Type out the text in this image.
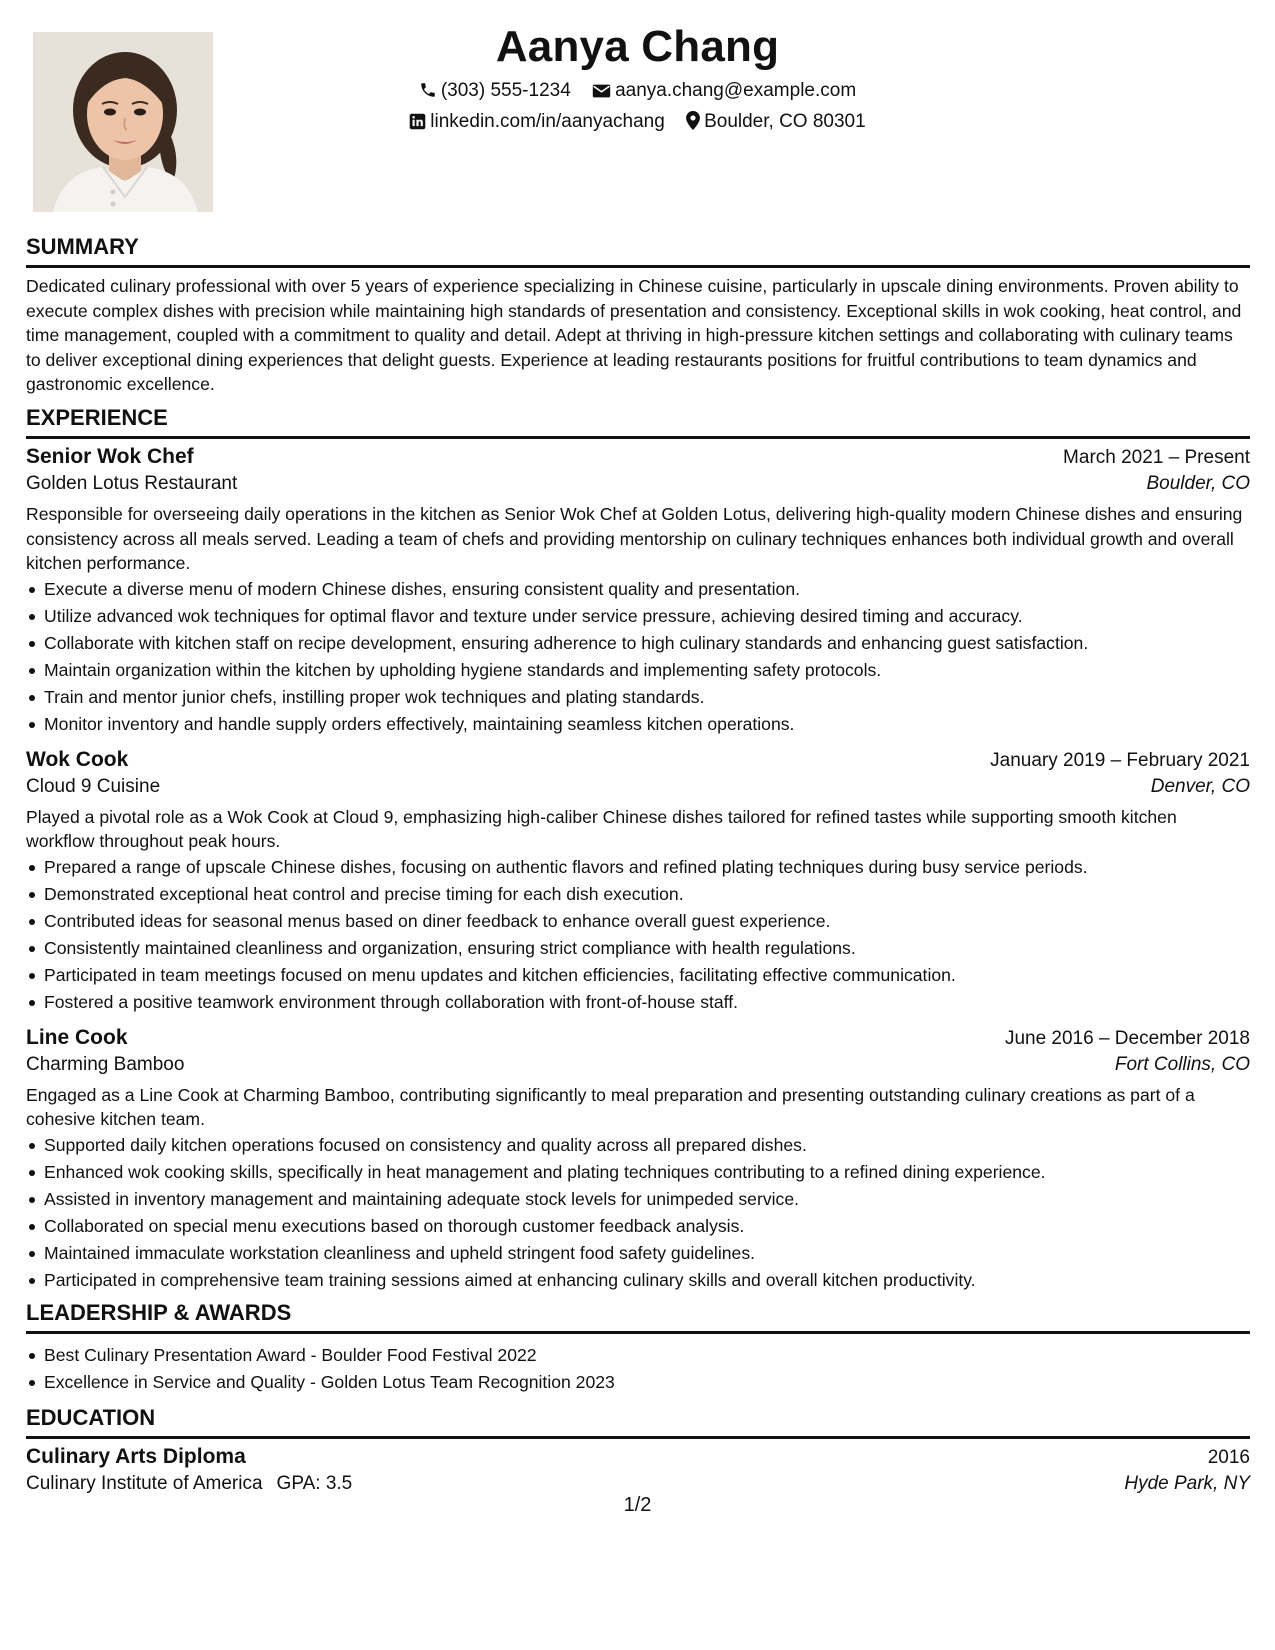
Aanya Chang
(303) 555-1234 aanya.chang@example.com
linkedin.com/in/aanyachang Boulder, CO 80301
SUMMARY

Dedicated culinary professional with over 5 years of experience specializing in Chinese cuisine, particularly in upscale dining environments. Proven ability to execute complex dishes with precision while maintaining high standards of presentation and consistency. Exceptional skills in wok cooking, heat control, and time management, coupled with a commitment to quality and detail. Adept at thriving in high-pressure kitchen settings and collaborating with culinary teams to deliver exceptional dining experiences that delight guests. Experience at leading restaurants positions for fruitful contributions to team dynamics and gastronomic excellence.

EXPERIENCE
Senior Wok Chef	March 2021 – Present
Golden Lotus Restaurant	Boulder, CO

Responsible for overseeing daily operations in the kitchen as Senior Wok Chef at Golden Lotus, delivering high-quality modern Chinese dishes and ensuring consistency across all meals served. Leading a team of chefs and providing mentorship on culinary techniques enhances both individual growth and overall kitchen performance.

Execute a diverse menu of modern Chinese dishes, ensuring consistent quality and presentation.
Utilize advanced wok techniques for optimal flavor and texture under service pressure, achieving desired timing and accuracy.
Collaborate with kitchen staff on recipe development, ensuring adherence to high culinary standards and enhancing guest satisfaction.
Maintain organization within the kitchen by upholding hygiene standards and implementing safety protocols.
Train and mentor junior chefs, instilling proper wok techniques and plating standards.
Monitor inventory and handle supply orders effectively, maintaining seamless kitchen operations.
Wok Cook	January 2019 – February 2021
Cloud 9 Cuisine	Denver, CO

Played a pivotal role as a Wok Cook at Cloud 9, emphasizing high-caliber Chinese dishes tailored for refined tastes while supporting smooth kitchen workflow throughout peak hours.

Prepared a range of upscale Chinese dishes, focusing on authentic flavors and refined plating techniques during busy service periods.
Demonstrated exceptional heat control and precise timing for each dish execution.
Contributed ideas for seasonal menus based on diner feedback to enhance overall guest experience.
Consistently maintained cleanliness and organization, ensuring strict compliance with health regulations.
Participated in team meetings focused on menu updates and kitchen efficiencies, facilitating effective communication.
Fostered a positive teamwork environment through collaboration with front-of-house staff.
Line Cook	June 2016 – December 2018
Charming Bamboo	Fort Collins, CO

Engaged as a Line Cook at Charming Bamboo, contributing significantly to meal preparation and presenting outstanding culinary creations as part of a cohesive kitchen team.

Supported daily kitchen operations focused on consistency and quality across all prepared dishes.
Enhanced wok cooking skills, specifically in heat management and plating techniques contributing to a refined dining experience.
Assisted in inventory management and maintaining adequate stock levels for unimpeded service.
Collaborated on special menu executions based on thorough customer feedback analysis.
Maintained immaculate workstation cleanliness and upheld stringent food safety guidelines.
Participated in comprehensive team training sessions aimed at enhancing culinary skills and overall kitchen productivity.
LEADERSHIP & AWARDS
Best Culinary Presentation Award - Boulder Food Festival 2022
Excellence in Service and Quality - Golden Lotus Team Recognition 2023
EDUCATION
Culinary Arts Diploma	2016
Culinary Institute of America GPA: 3.5	Hyde Park, NY
1/2
